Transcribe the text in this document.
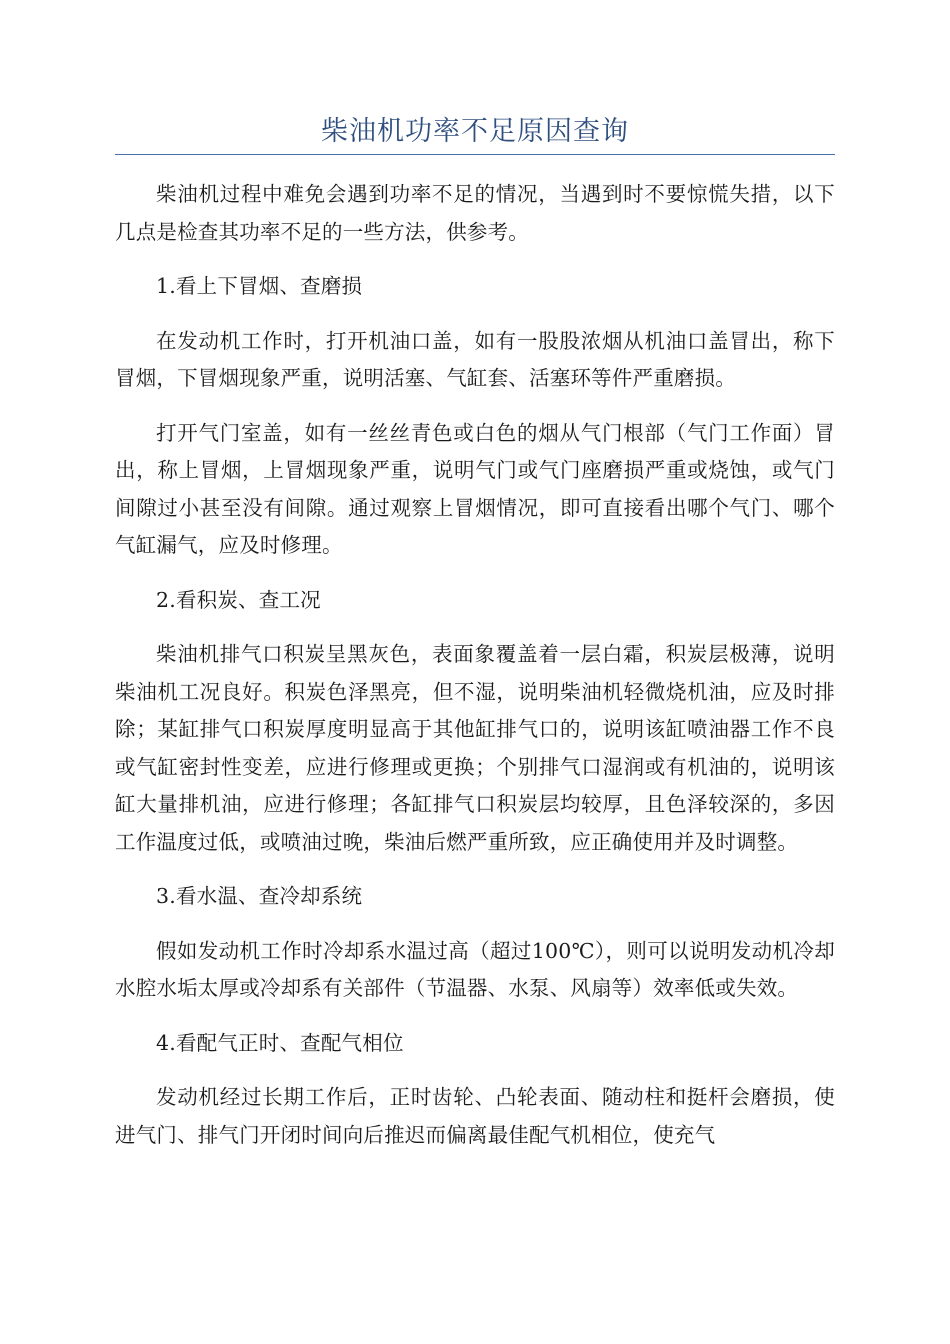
柴油机功率不足原因查询

柴油机过程中难免会遇到功率不足的情况，当遇到时不要惊慌失措，以下几点是检查其功率不足的一些方法，供参考。

1.看上下冒烟、查磨损

在发动机工作时，打开机油口盖，如有一股股浓烟从机油口盖冒出，称下冒烟，下冒烟现象严重，说明活塞、气缸套、活塞环等件严重磨损。

打开气门室盖，如有一丝丝青色或白色的烟从气门根部（气门工作面）冒出，称上冒烟，上冒烟现象严重，说明气门或气门座磨损严重或烧蚀，或气门间隙过小甚至没有间隙。通过观察上冒烟情况，即可直接看出哪个气门、哪个气缸漏气，应及时修理。

2.看积炭、查工况

柴油机排气口积炭呈黑灰色，表面象覆盖着一层白霜，积炭层极薄，说明柴油机工况良好。积炭色泽黑亮，但不湿，说明柴油机轻微烧机油，应及时排除；某缸排气口积炭厚度明显高于其他缸排气口的，说明该缸喷油器工作不良或气缸密封性变差，应进行修理或更换；个别排气口湿润或有机油的，说明该缸大量排机油，应进行修理；各缸排气口积炭层均较厚，且色泽较深的，多因工作温度过低，或喷油过晚，柴油后燃严重所致，应正确使用并及时调整。

3.看水温、查冷却系统

假如发动机工作时冷却系水温过高（超过100℃），则可以说明发动机冷却水腔水垢太厚或冷却系有关部件（节温器、水泵、风扇等）效率低或失效。

4.看配气正时、查配气相位

发动机经过长期工作后，正时齿轮、凸轮表面、随动柱和挺杆会磨损，使进气门、排气门开闭时间向后推迟而偏离最佳配气机相位，使充气
